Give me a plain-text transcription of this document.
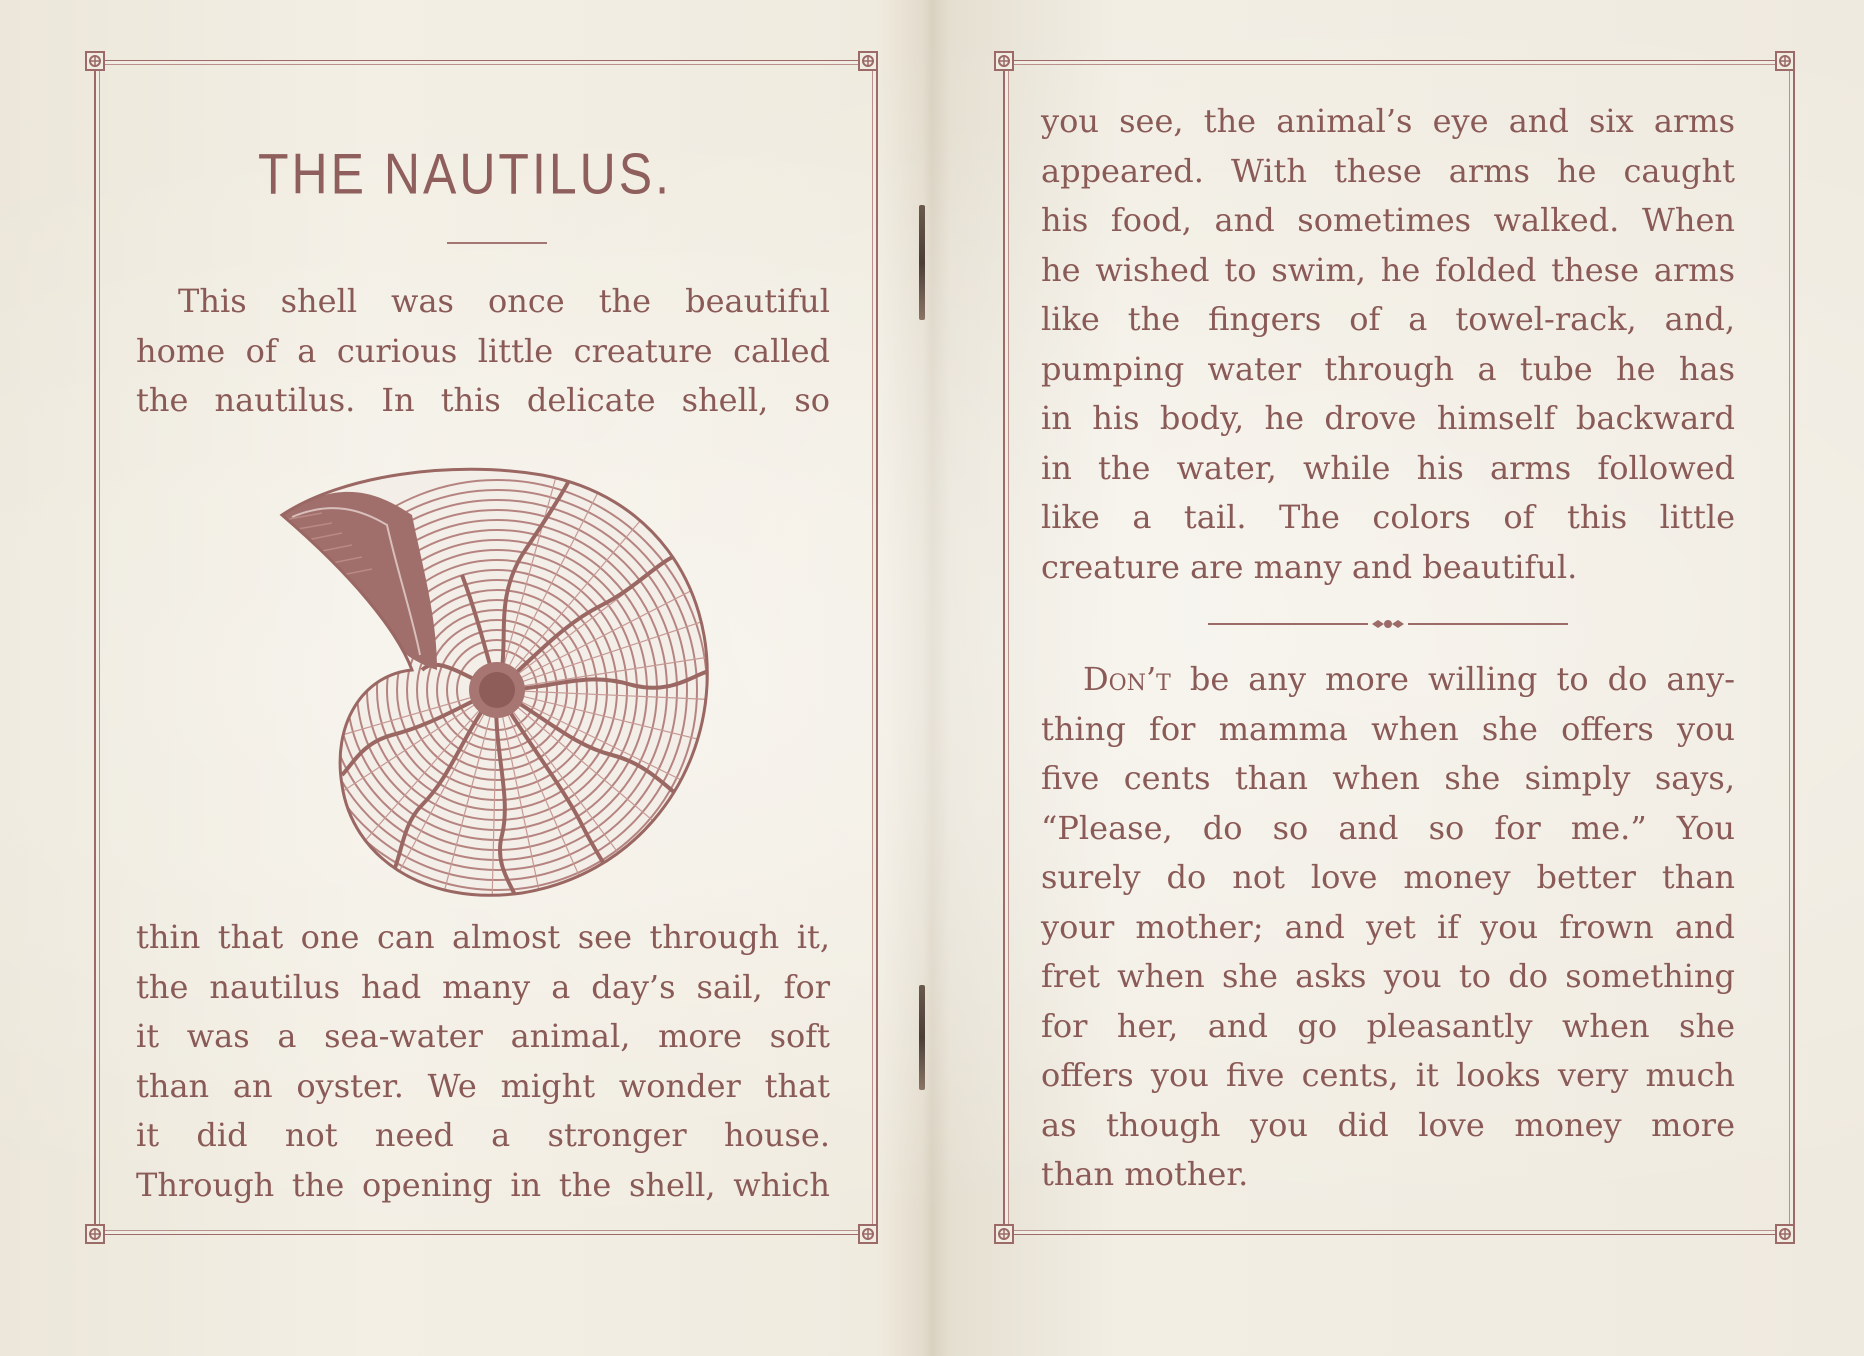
THE NAUTILUS.
This shell was once the beautiful
home of a curious little creature called
the nautilus. In this delicate shell, so
thin that one can almost see through it,
the nautilus had many a day’s sail, for
it was a sea-water animal, more soft
than an oyster. We might wonder that
it did not need a stronger house.
Through the opening in the shell, which
you see, the animal’s eye and six arms
appeared. With these arms he caught
his food, and sometimes walked. When
he wished to swim, he folded these arms
like the fingers of a towel-rack, and,
pumping water through a tube he has
in his body, he drove himself backward
in the water, while his arms followed
like a tail. The colors of this little
creature are many and beautiful.
Don’t be any more willing to do any-
thing for mamma when she offers you
five cents than when she simply says,
“Please, do so and so for me.” You
surely do not love money better than
your mother; and yet if you frown and
fret when she asks you to do something
for her, and go pleasantly when she
offers you five cents, it looks very much
as though you did love money more
than mother.
